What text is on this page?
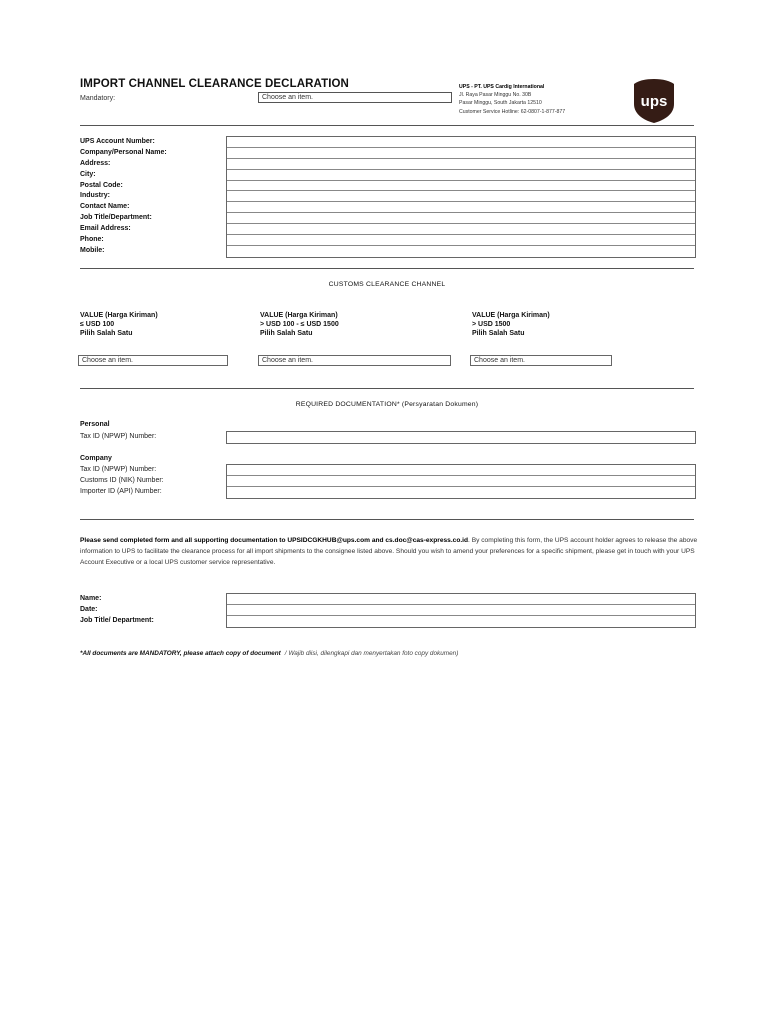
IMPORT CHANNEL CLEARANCE DECLARATION
Mandatory:	Choose an item.
UPS - PT. UPS Cardig International
Jl. Raya Pasar Minggu No. 30B
Pasar Minggu, South Jakarta 12510
Customer Service Hotline: 62-0807-1-877-877
ups
UPS Account Number:
Company/Personal Name:
Address:
City:
Postal Code:
Industry:
Contact Name:
Job Title/Department:
Email Address:
Phone:
Mobile:
CUSTOMS CLEARANCE CHANNEL
VALUE (Harga Kiriman)
≤ USD 100
Pilih Salah Satu
Choose an item.
VALUE (Harga Kiriman)
> USD 100 - ≤ USD 1500
Pilih Salah Satu
Choose an item.
VALUE (Harga Kiriman)
> USD 1500
Pilih Salah Satu
Choose an item.
REQUIRED DOCUMENTATION* (Persyaratan Dokumen)
Personal
Tax ID (NPWP) Number:
Company
Tax ID (NPWP) Number:
Customs ID (NIK) Number:
Importer ID (API) Number:
Please send completed form and all supporting documentation to UPSIDCGKHUB@ups.com and cs.doc@cas-express.co.id. By completing this form, the UPS account holder agrees to release the above information to UPS to facilitate the clearance process for all import shipments to the consignee listed above. Should you wish to amend your preferences for a specific shipment, please get in touch with your UPS Account Executive or a local UPS customer service representative.
Name:
Date:
Job Title/ Department:
*All documents are MANDATORY, please attach copy of document / Wajib diisi, dilengkapi dan menyertakan foto copy dokumen)
